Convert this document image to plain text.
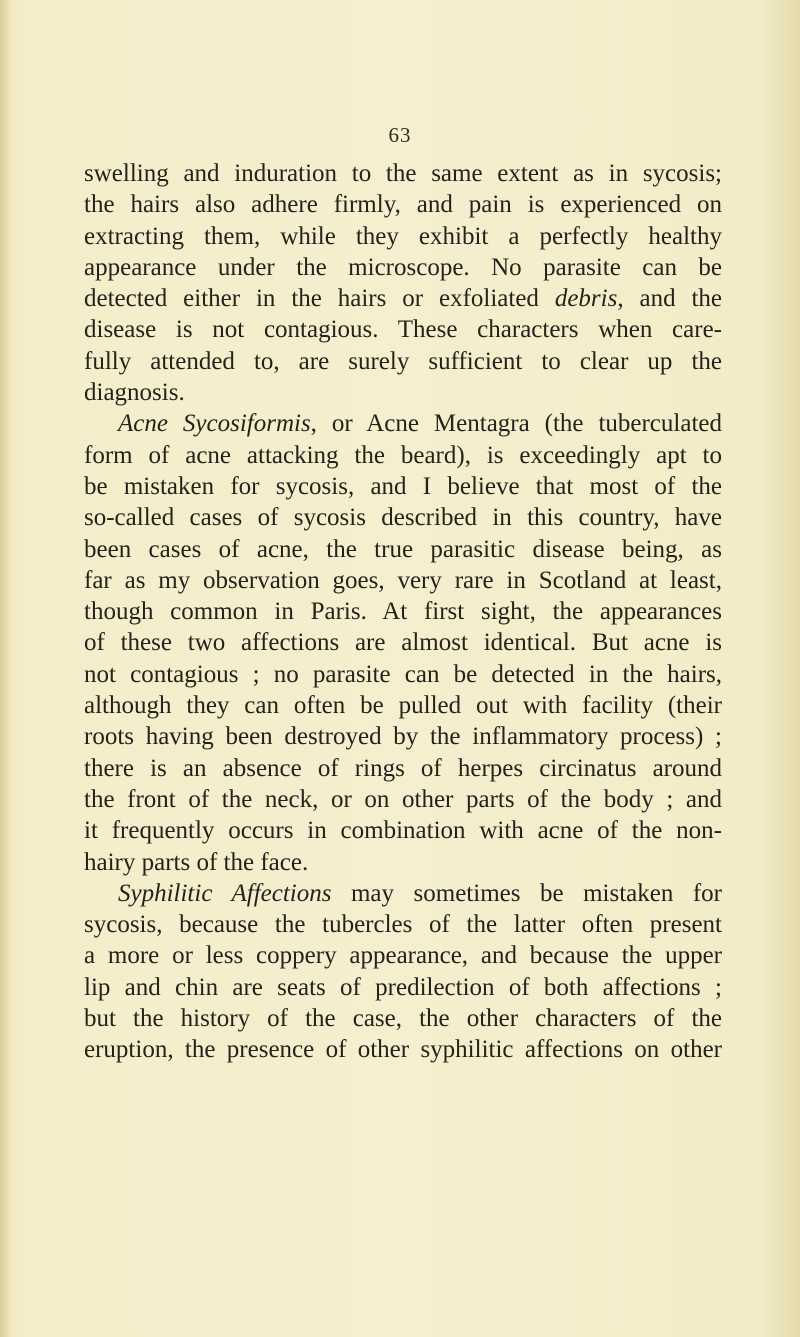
63
swelling and induration to the same extent as in sycosis;
the hairs also adhere firmly, and pain is experienced on
extracting them, while they exhibit a perfectly healthy
appearance under the microscope. No parasite can be
detected either in the hairs or exfoliated debris, and the
disease is not contagious. These characters when care-
fully attended to, are surely sufficient to clear up the
diagnosis.
Acne Sycosiformis, or Acne Mentagra (the tuberculated
form of acne attacking the beard), is exceedingly apt to
be mistaken for sycosis, and I believe that most of the
so-called cases of sycosis described in this country, have
been cases of acne, the true parasitic disease being, as
far as my observation goes, very rare in Scotland at least,
though common in Paris. At first sight, the appearances
of these two affections are almost identical. But acne is
not contagious ; no parasite can be detected in the hairs,
although they can often be pulled out with facility (their
roots having been destroyed by the inflammatory process) ;
there is an absence of rings of herpes circinatus around
the front of the neck, or on other parts of the body ; and
it frequently occurs in combination with acne of the non-
hairy parts of the face.
Syphilitic Affections may sometimes be mistaken for
sycosis, because the tubercles of the latter often present
a more or less coppery appearance, and because the upper
lip and chin are seats of predilection of both affections ;
but the history of the case, the other characters of the
eruption, the presence of other syphilitic affections on other
